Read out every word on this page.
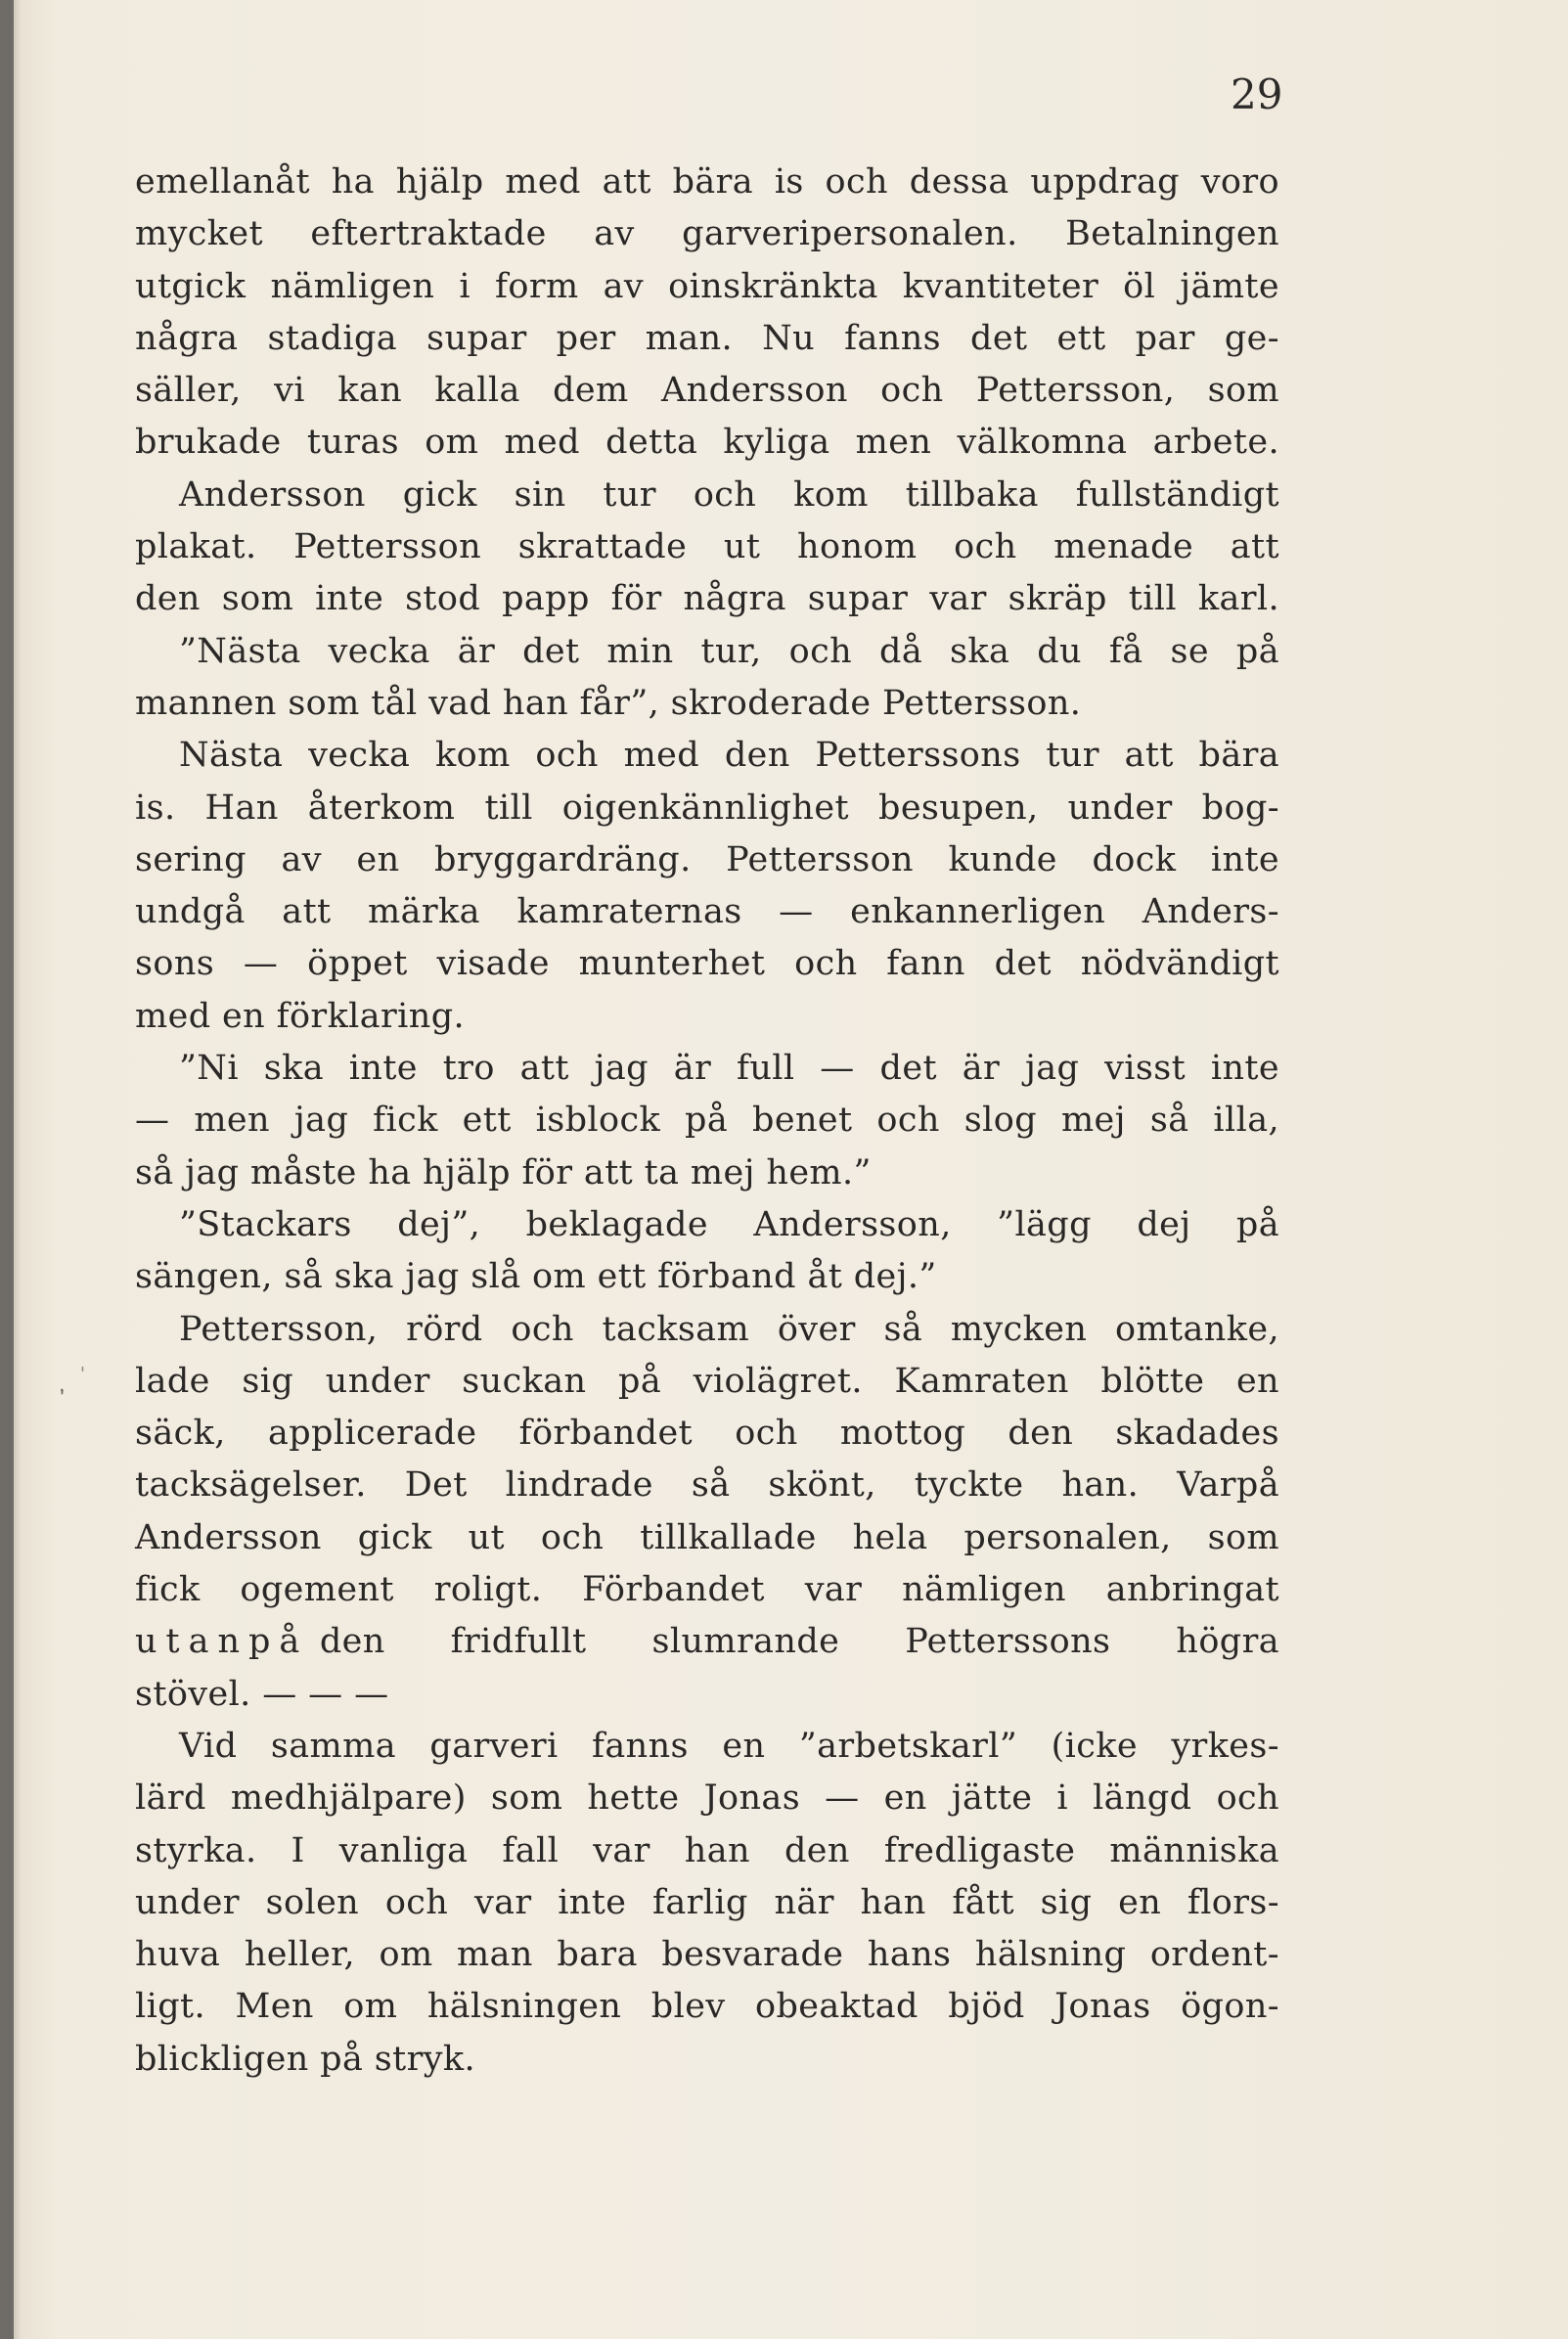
29
, '
emellanåt ha hjälp med att bära is och dessa uppdrag voro
mycket eftertraktade av garveripersonalen. Betalningen
utgick nämligen i form av oinskränkta kvantiteter öl jämte
några stadiga supar per man. Nu fanns det ett par ge-
säller, vi kan kalla dem Andersson och Pettersson, som
brukade turas om med detta kyliga men välkomna arbete.
Andersson gick sin tur och kom tillbaka fullständigt
plakat. Pettersson skrattade ut honom och menade att
den som inte stod papp för några supar var skräp till karl.
”Nästa vecka är det min tur, och då ska du få se på
mannen som tål vad han får”, skroderade Pettersson.
Nästa vecka kom och med den Petterssons tur att bära
is. Han återkom till oigenkännlighet besupen, under bog-
sering av en bryggardräng. Pettersson kunde dock inte
undgå att märka kamraternas — enkannerligen Anders-
sons — öppet visade munterhet och fann det nödvändigt
med en förklaring.
”Ni ska inte tro att jag är full — det är jag visst inte
— men jag fick ett isblock på benet och slog mej så illa,
så jag måste ha hjälp för att ta mej hem.”
”Stackars dej”, beklagade Andersson, ”lägg dej på
sängen, så ska jag slå om ett förband åt dej.”
Pettersson, rörd och tacksam över så mycken omtanke,
lade sig under suckan på violägret. Kamraten blötte en
säck, applicerade förbandet och mottog den skadades
tacksägelser. Det lindrade så skönt, tyckte han. Varpå
Andersson gick ut och tillkallade hela personalen, som
fick ogement roligt. Förbandet var nämligen anbringat
utanpå
den fridfullt slumrande Petterssons högra
stövel. — — —
Vid samma garveri fanns en ”arbetskarl” (icke yrkes-
lärd medhjälpare) som hette Jonas — en jätte i längd och
styrka. I vanliga fall var han den fredligaste människa
under solen och var inte farlig när han fått sig en flors-
huva heller, om man bara besvarade hans hälsning ordent-
ligt. Men om hälsningen blev obeaktad bjöd Jonas ögon-
blickligen på stryk.
